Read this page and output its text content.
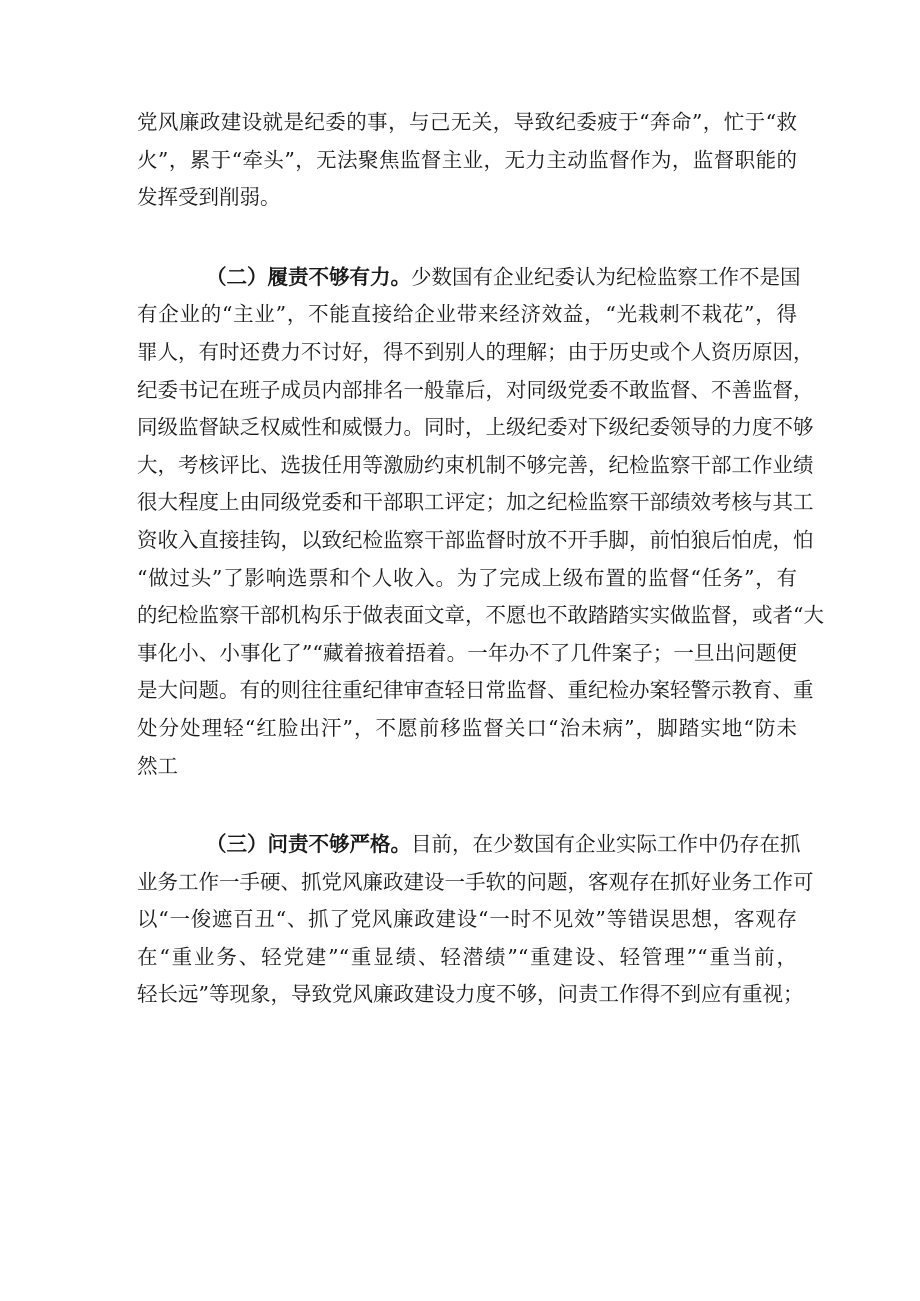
党风廉政建设就是纪委的事，与己无关，导致纪委疲于“奔命”，忙于“救
火”，累于“牵头”，无法聚焦监督主业，无力主动监督作为，监督职能的
发挥受到削弱。
（二）履责不够有力。少数国有企业纪委认为纪检监察工作不是国
有企业的“主业”，不能直接给企业带来经济效益，“光栽刺不栽花”，得
罪人，有时还费力不讨好，得不到别人的理解；由于历史或个人资历原因，
纪委书记在班子成员内部排名一般靠后，对同级党委不敢监督、不善监督，
同级监督缺乏权威性和威慑力。同时，上级纪委对下级纪委领导的力度不够
大，考核评比、选拔任用等激励约束机制不够完善，纪检监察干部工作业绩
很大程度上由同级党委和干部职工评定；加之纪检监察干部绩效考核与其工
资收入直接挂钩，以致纪检监察干部监督时放不开手脚，前怕狼后怕虎，怕
“做过头”了影响选票和个人收入。为了完成上级布置的监督“任务”，有
的纪检监察干部机构乐于做表面文章，不愿也不敢踏踏实实做监督，或者“大
事化小、小事化了”“藏着掖着捂着。一年办不了几件案子；一旦出问题便
是大问题。有的则往往重纪律审查轻日常监督、重纪检办案轻警示教育、重
处分处理轻“红脸出汗”，不愿前移监督关口“治未病”，脚踏实地“防未
然工
（三）问责不够严格。目前，在少数国有企业实际工作中仍存在抓
业务工作一手硬、抓党风廉政建设一手软的问题，客观存在抓好业务工作可
以“一俊遮百丑“、抓了党风廉政建设“一时不见效”等错误思想，客观存
在“重业务、轻党建”“重显绩、轻潜绩”“重建设、轻管理”“重当前，
轻长远”等现象，导致党风廉政建设力度不够，问责工作得不到应有重视；
